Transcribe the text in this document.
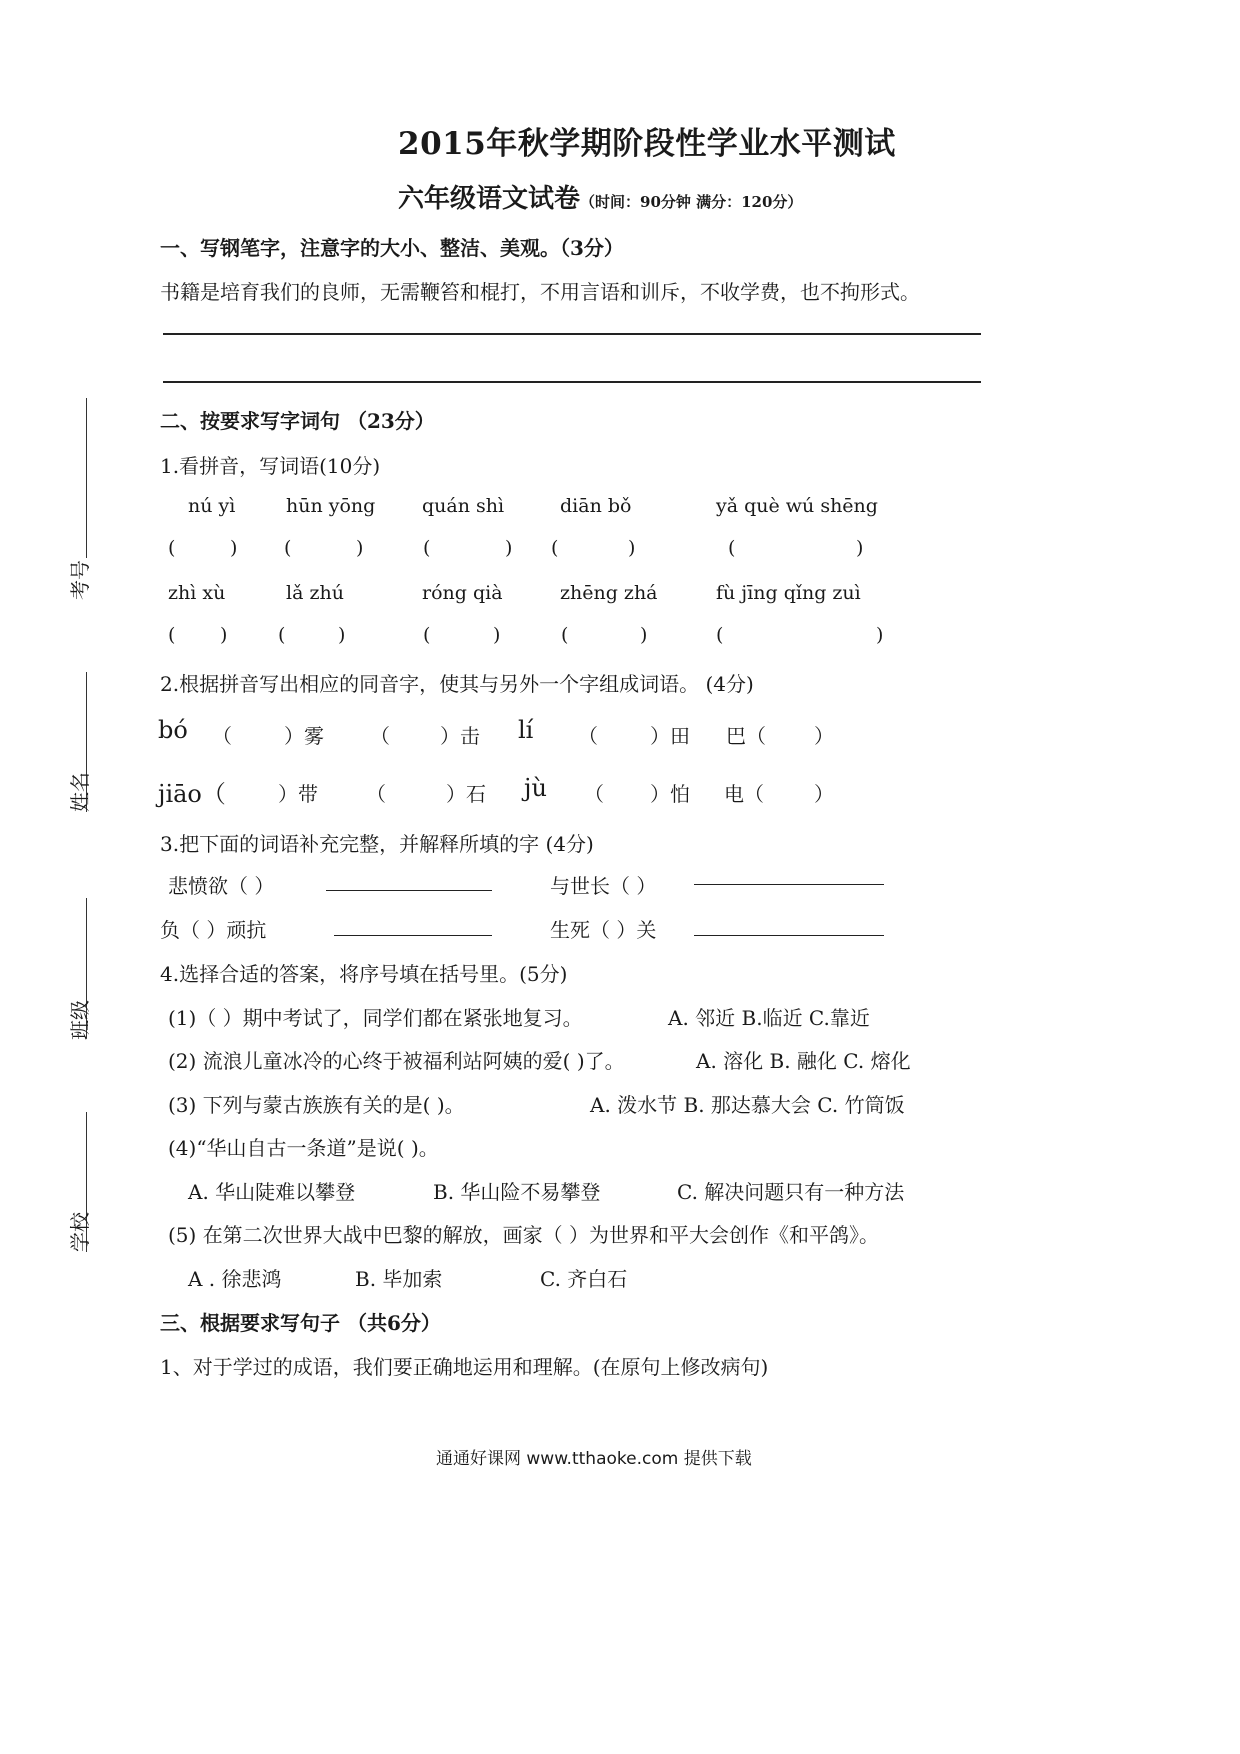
2015年秋学期阶段性学业水平测试
六年级语文试卷（时间：90分钟 满分：120分）
考号
姓名
班级
学校
一、写钢笔字，注意字的大小、整洁、美观。（3分）
书籍是培育我们的良师，无需鞭笞和棍打，不用言语和训斥，不收学费，也不拘形式。
二、按要求写字词句 （23分）
1.看拼音，写词语(10分)
nú yì	hūn yōng quán shì	diān bǒ	yǎ què wú shēng
(	) (	)	(	) (	)	(	)
zhì xù	lǎ zhú	róng qià	zhēng zhá	fù jīng qǐng zuì
( )	(	)	(	)	(	)	(	)
2.根据拼音写出相应的同音字，使其与另外一个字组成词语。 (4分)
bó （	）雾 （	）击 lí （	）田 巴（ ）
jiāo（	）带 （	）石 jù （ ）怕 电（	）
3.把下面的词语补充完整，并解释所填的字 (4分)
悲愤欲（ ）	与世长（ ）
负（ ）顽抗	生死（ ）关
4.选择合适的答案，将序号填在括号里。(5分)
(1)（ ）期中考试了，同学们都在紧张地复习。	A. 邻近 B.临近 C.靠近
(2) 流浪儿童冰冷的心终于被福利站阿姨的爱( )了。	A. 溶化 B. 融化 C. 熔化
(3) 下列与蒙古族族有关的是( )。	A. 泼水节 B. 那达慕大会 C. 竹筒饭
(4)“华山自古一条道”是说( )。
A. 华山陡难以攀登	B. 华山险不易攀登	C. 解决问题只有一种方法
(5) 在第二次世界大战中巴黎的解放，画家（ ）为世界和平大会创作《和平鸽》。
A . 徐悲鸿	B. 毕加索	C. 齐白石
三、根据要求写句子 （共6分）
1、对于学过的成语，我们要正确地运用和理解。(在原句上修改病句)
通通好课网 www.tthaoke.com 提供下载
